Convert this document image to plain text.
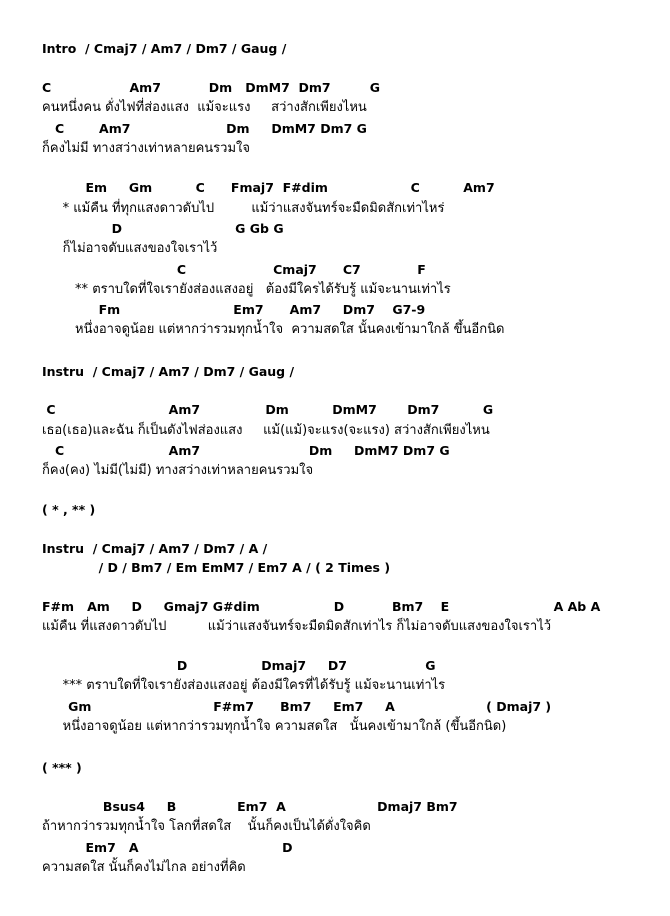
Intro  / Cmaj7 / Am7 / Dm7 / Gaug /
C                  Am7           Dm   DmM7  Dm7         G
คนหนึ่งคน ดั่งไฟที่ส่องแสง  แม้จะแรง     สว่างสักเพียงไหน
C        Am7                      Dm     DmM7 Dm7 G
ก็คงไม่มี ทางสว่างเท่าหลายคนรวมใจ
Em     Gm          C      Fmaj7  F#dim                   C          Am7
* แม้คืน ที่ทุกแสงดาวดับไป         แม้ว่าแสงจันทร์จะมืดมิดสักเท่าไหร่
D                          G Gb G
ก็ไม่อาจดับแสงของใจเราไว้
C                    Cmaj7      C7             F
** ตราบใดที่ใจเรายังส่องแสงอยู่   ต้องมีใครได้รับรู้ แม้จะนานเท่าไร
Fm                          Em7      Am7     Dm7    G7-9
หนึ่งอาจดูน้อย แต่หากว่ารวมทุกน้ำใจ  ความสดใส นั้นคงเข้ามาใกล้ ขึ้นอีกนิด
Instru  / Cmaj7 / Am7 / Dm7 / Gaug /
C                          Am7               Dm          DmM7       Dm7          G
เธอ(เธอ)และฉัน ก็เป็นดังไฟส่องแสง     แม้(แม้)จะแรง(จะแรง) สว่างสักเพียงไหน
C                        Am7                         Dm     DmM7 Dm7 G
ก็คง(คง) ไม่มี(ไม่มี) ทางสว่างเท่าหลายคนรวมใจ
( * , ** )
Instru  / Cmaj7 / Am7 / Dm7 / A /
/ D / Bm7 / Em EmM7 / Em7 A / ( 2 Times )
F#m   Am     D     Gmaj7 G#dim                 D           Bm7    E                        A Ab A
แม้คืน ที่แสงดาวดับไป          แม้ว่าแสงจันทร์จะมืดมิดสักเท่าไร ก็ไม่อาจดับแสงของใจเราไว้
D                 Dmaj7     D7                  G
*** ตราบใดที่ใจเรายังส่องแสงอยู่ ต้องมีใครที่ได้รับรู้ แม้จะนานเท่าไร
Gm                            F#m7      Bm7     Em7     A                     ( Dmaj7 )
หนึ่งอาจดูน้อย แต่หากว่ารวมทุกน้ำใจ ความสดใส   นั้นคงเข้ามาใกล้ (ขึ้นอีกนิด)
( *** )
Bsus4     B              Em7  A                     Dmaj7 Bm7
ถ้าหากว่ารวมทุกน้ำใจ โลกที่สดใส    นั้นก็คงเป็นได้ดั่งใจคิด
Em7   A                                 D
ความสดใส นั้นก็คงไม่ไกล อย่างที่คิด
